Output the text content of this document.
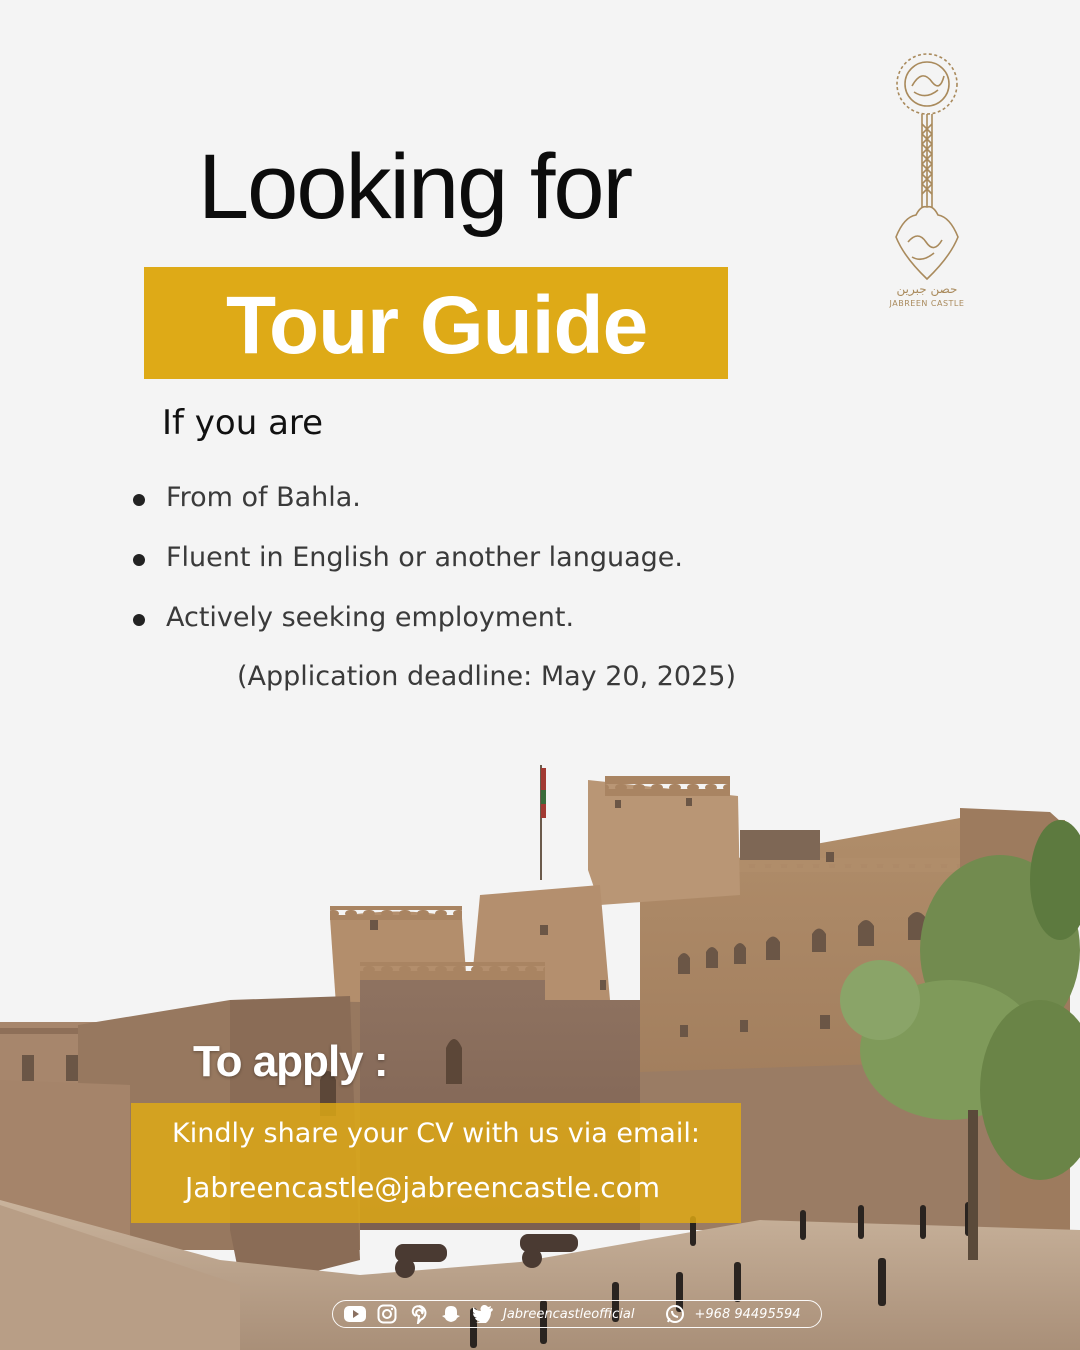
Looking for
Tour Guide
If you are
From of Bahla.
Fluent in English or another language.
Actively seeking employment.
(Application deadline: May 20, 2025)
حصن جبرين
JABREEN CASTLE
To apply :
Kindly share your CV with us via email:
Jabreencastle@jabreencastle.com
Jabreencastleofficial	+968 94495594
